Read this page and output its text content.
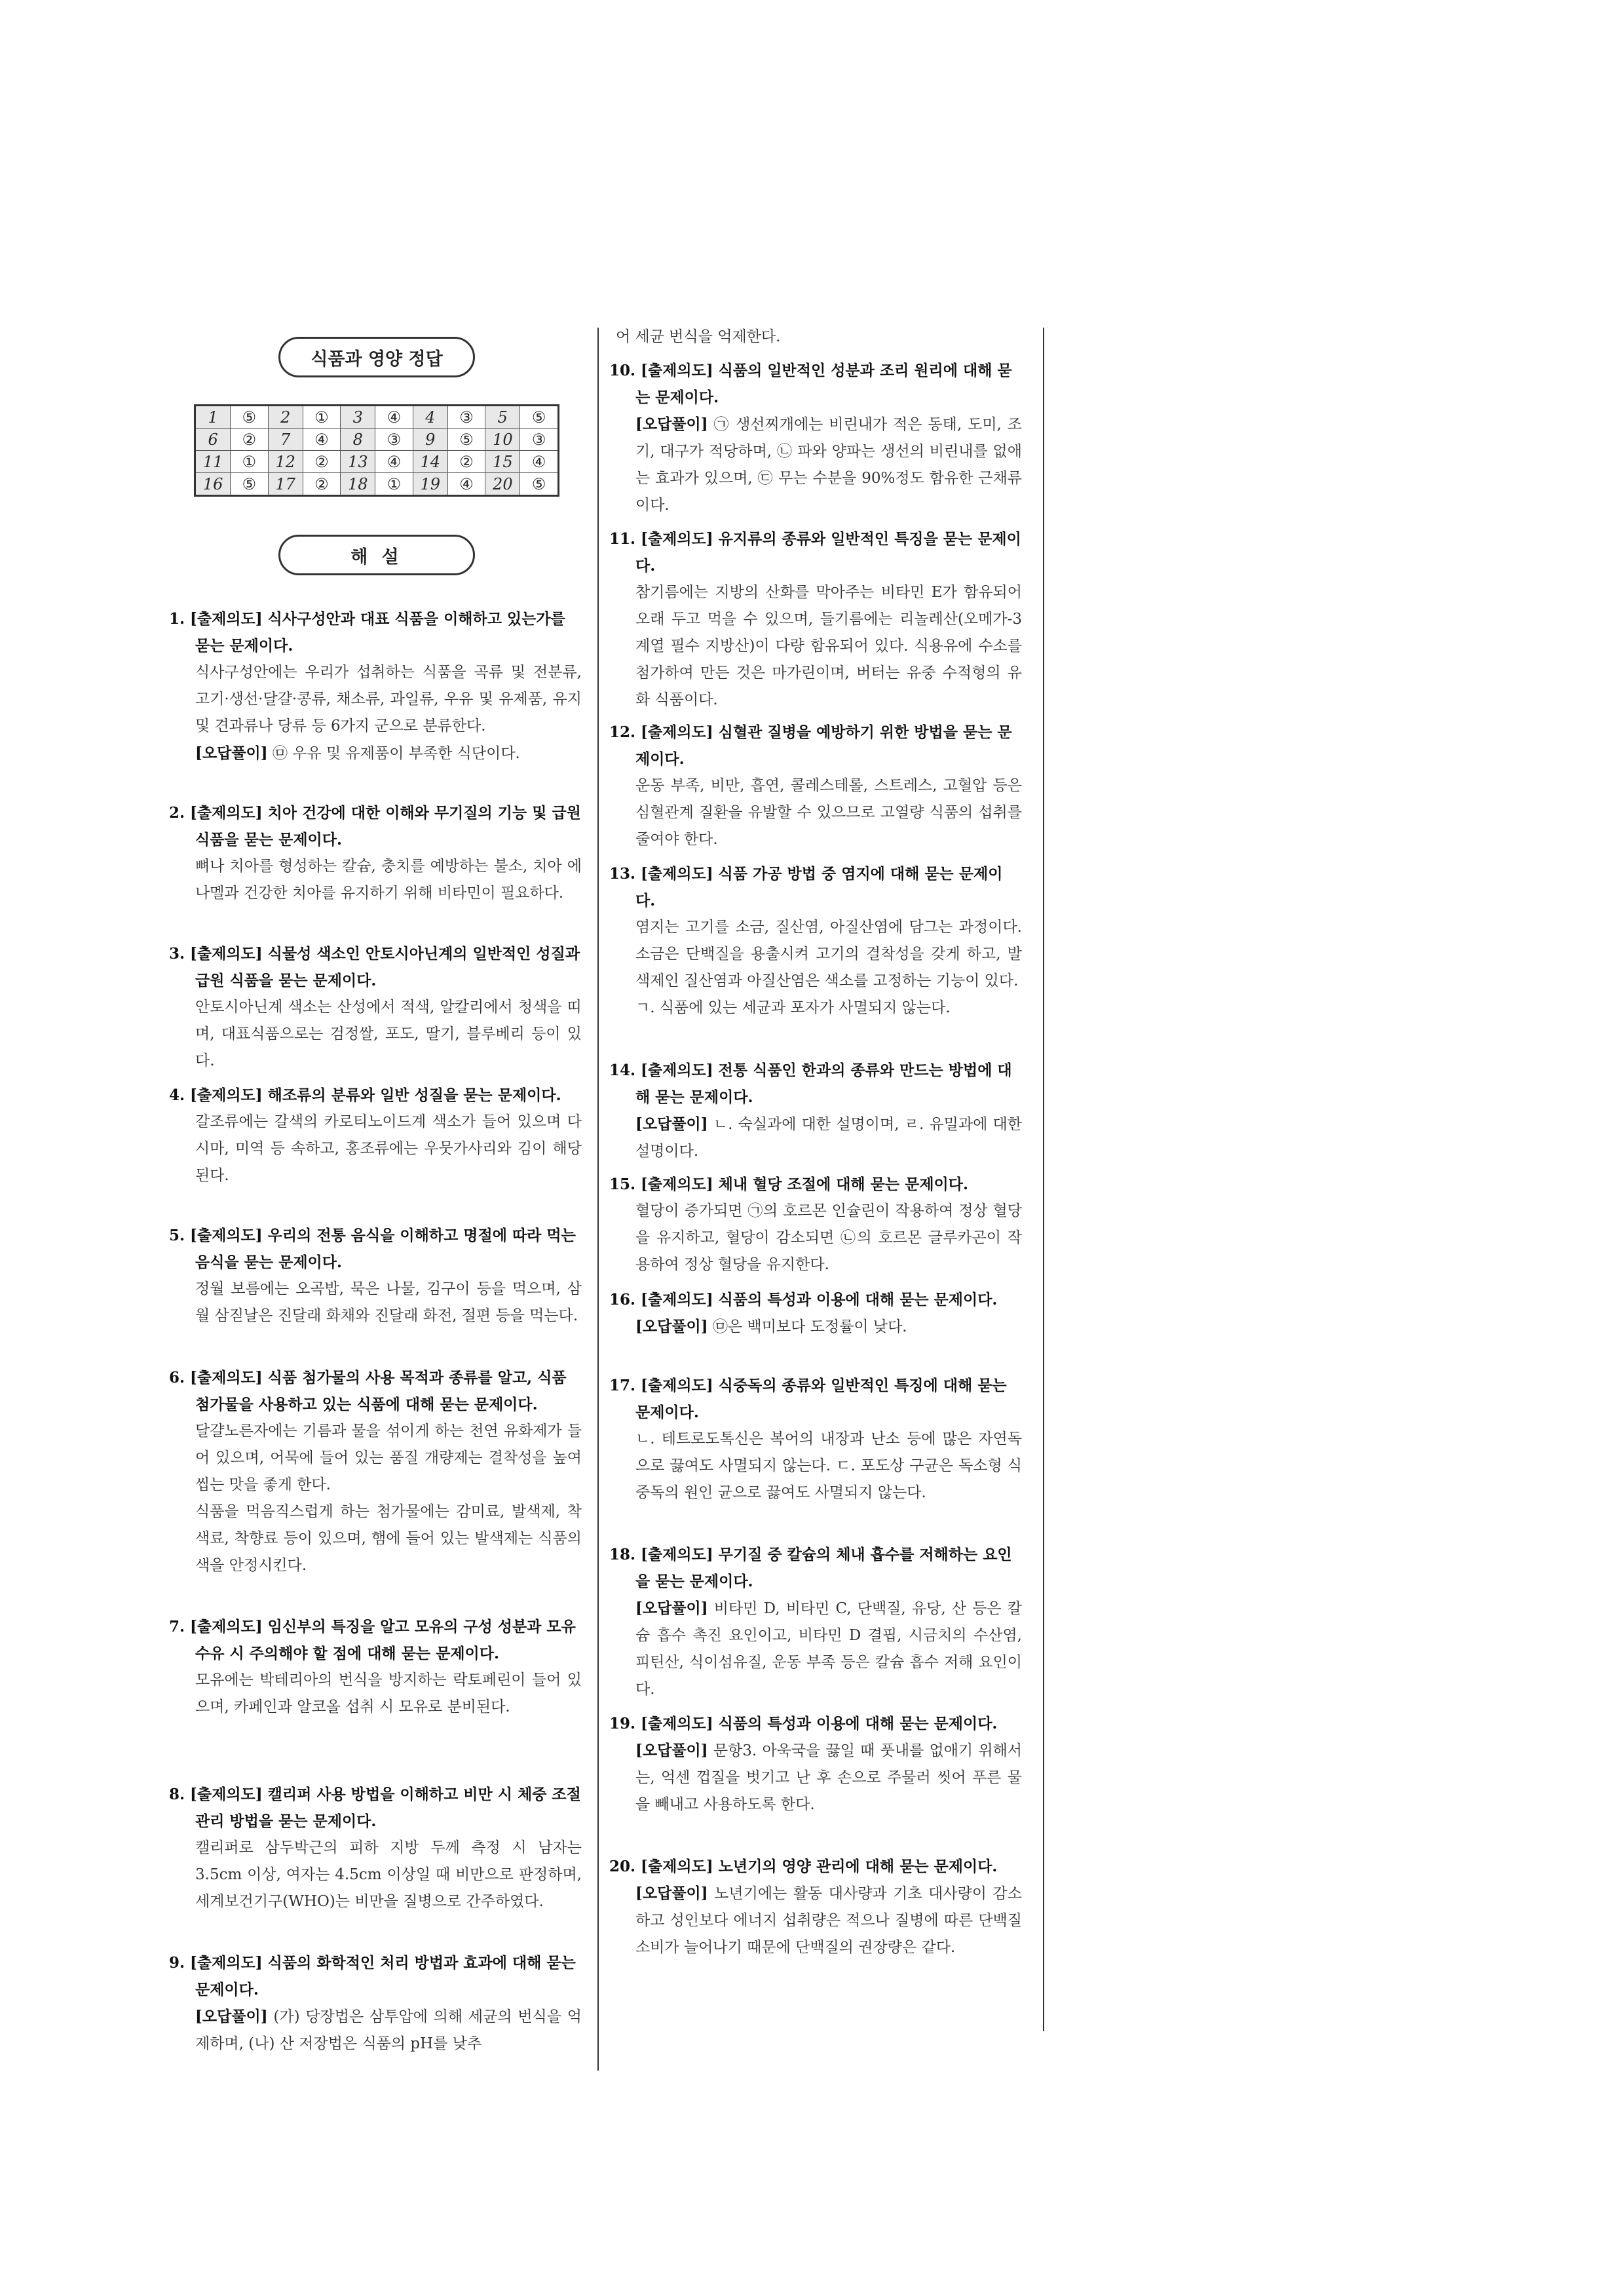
식품과 영양 정답
1	⑤	2	①	3	④	4	③	5	⑤
6	②	7	④	8	③	9	⑤	10	③
11	①	12	②	13	④	14	②	15	④
16	⑤	17	②	18	①	19	④	20	⑤
해 설

1. [출제의도] 식사구성안과 대표 식품을 이해하고 있는가를 묻는 문제이다.

식사구성안에는 우리가 섭취하는 식품을 곡류 및 전분류, 고기·생선·달걀·콩류, 채소류, 과일류, 우유 및 유제품, 유지 및 견과류나 당류 등 6가지 군으로 분류한다.

[오답풀이] ㉤ 우유 및 유제품이 부족한 식단이다.

2. [출제의도] 치아 건강에 대한 이해와 무기질의 기능 및 급원 식품을 묻는 문제이다.

뼈나 치아를 형성하는 칼슘, 충치를 예방하는 불소, 치아 에나멜과 건강한 치아를 유지하기 위해 비타민이 필요하다.

3. [출제의도] 식물성 색소인 안토시아닌계의 일반적인 성질과 급원 식품을 묻는 문제이다.

안토시아닌계 색소는 산성에서 적색, 알칼리에서 청색을 띠며, 대표식품으로는 검정쌀, 포도, 딸기, 블루베리 등이 있다.

4. [출제의도] 해조류의 분류와 일반 성질을 묻는 문제이다.

갈조류에는 갈색의 카로티노이드계 색소가 들어 있으며 다시마, 미역 등 속하고, 홍조류에는 우뭇가사리와 김이 해당된다.

5. [출제의도] 우리의 전통 음식을 이해하고 명절에 따라 먹는 음식을 묻는 문제이다.

정월 보름에는 오곡밥, 묵은 나물, 김구이 등을 먹으며, 삼월 삼짇날은 진달래 화채와 진달래 화전, 절편 등을 먹는다.

6. [출제의도] 식품 첨가물의 사용 목적과 종류를 알고, 식품 첨가물을 사용하고 있는 식품에 대해 묻는 문제이다.

달걀노른자에는 기름과 물을 섞이게 하는 천연 유화제가 들어 있으며, 어묵에 들어 있는 품질 개량제는 결착성을 높여 씹는 맛을 좋게 한다.

식품을 먹음직스럽게 하는 첨가물에는 감미료, 발색제, 착색료, 착향료 등이 있으며, 햄에 들어 있는 발색제는 식품의 색을 안정시킨다.

7. [출제의도] 임신부의 특징을 알고 모유의 구성 성분과 모유 수유 시 주의해야 할 점에 대해 묻는 문제이다.

모유에는 박테리아의 번식을 방지하는 락토페린이 들어 있으며, 카페인과 알코올 섭취 시 모유로 분비된다.

8. [출제의도] 캘리퍼 사용 방법을 이해하고 비만 시 체중 조절 관리 방법을 묻는 문제이다.

캘리퍼로 삼두박근의 피하 지방 두께 측정 시 남자는 3.5cm 이상, 여자는 4.5cm 이상일 때 비만으로 판정하며, 세계보건기구(WHO)는 비만을 질병으로 간주하였다.

9. [출제의도] 식품의 화학적인 처리 방법과 효과에 대해 묻는 문제이다.

[오답풀이] (가) 당장법은 삼투압에 의해 세균의 번식을 억제하며, (나) 산 저장법은 식품의 pH를 낮추

어 세균 번식을 억제한다.

10. [출제의도] 식품의 일반적인 성분과 조리 원리에 대해 묻는 문제이다.

[오답풀이] ㉠ 생선찌개에는 비린내가 적은 동태, 도미, 조기, 대구가 적당하며, ㉡ 파와 양파는 생선의 비린내를 없애는 효과가 있으며, ㉢ 무는 수분을 90%정도 함유한 근채류이다.

11. [출제의도] 유지류의 종류와 일반적인 특징을 묻는 문제이다.

참기름에는 지방의 산화를 막아주는 비타민 E가 함유되어 오래 두고 먹을 수 있으며, 들기름에는 리놀레산(오메가-3 계열 필수 지방산)이 다량 함유되어 있다. 식용유에 수소를 첨가하여 만든 것은 마가린이며, 버터는 유중 수적형의 유화 식품이다.

12. [출제의도] 심혈관 질병을 예방하기 위한 방법을 묻는 문제이다.

운동 부족, 비만, 흡연, 콜레스테롤, 스트레스, 고혈압 등은 심혈관계 질환을 유발할 수 있으므로 고열량 식품의 섭취를 줄여야 한다.

13. [출제의도] 식품 가공 방법 중 염지에 대해 묻는 문제이다.

염지는 고기를 소금, 질산염, 아질산염에 담그는 과정이다. 소금은 단백질을 용출시켜 고기의 결착성을 갖게 하고, 발색제인 질산염과 아질산염은 색소를 고정하는 기능이 있다.

ㄱ. 식품에 있는 세균과 포자가 사멸되지 않는다.

14. [출제의도] 전통 식품인 한과의 종류와 만드는 방법에 대해 묻는 문제이다.

[오답풀이] ㄴ. 숙실과에 대한 설명이며, ㄹ. 유밀과에 대한 설명이다.

15. [출제의도] 체내 혈당 조절에 대해 묻는 문제이다.

혈당이 증가되면 ㉠의 호르몬 인슐린이 작용하여 정상 혈당을 유지하고, 혈당이 감소되면 ㉡의 호르몬 글루카곤이 작용하여 정상 혈당을 유지한다.

16. [출제의도] 식품의 특성과 이용에 대해 묻는 문제이다.

[오답풀이] ㉤은 백미보다 도정률이 낮다.

17. [출제의도] 식중독의 종류와 일반적인 특징에 대해 묻는 문제이다.

ㄴ. 테트로도톡신은 복어의 내장과 난소 등에 많은 자연독으로 끓여도 사멸되지 않는다. ㄷ. 포도상 구균은 독소형 식중독의 원인 균으로 끓여도 사멸되지 않는다.

18. [출제의도] 무기질 중 칼슘의 체내 흡수를 저해하는 요인을 묻는 문제이다.

[오답풀이] 비타민 D, 비타민 C, 단백질, 유당, 산 등은 칼슘 흡수 촉진 요인이고, 비타민 D 결핍, 시금치의 수산염, 피틴산, 식이섬유질, 운동 부족 등은 칼슘 흡수 저해 요인이다.

19. [출제의도] 식품의 특성과 이용에 대해 묻는 문제이다.

[오답풀이] 문항3. 아욱국을 끓일 때 풋내를 없애기 위해서는, 억센 껍질을 벗기고 난 후 손으로 주물러 씻어 푸른 물을 빼내고 사용하도록 한다.

20. [출제의도] 노년기의 영양 관리에 대해 묻는 문제이다.

[오답풀이] 노년기에는 활동 대사량과 기초 대사량이 감소하고 성인보다 에너지 섭취량은 적으나 질병에 따른 단백질 소비가 늘어나기 때문에 단백질의 권장량은 같다.
